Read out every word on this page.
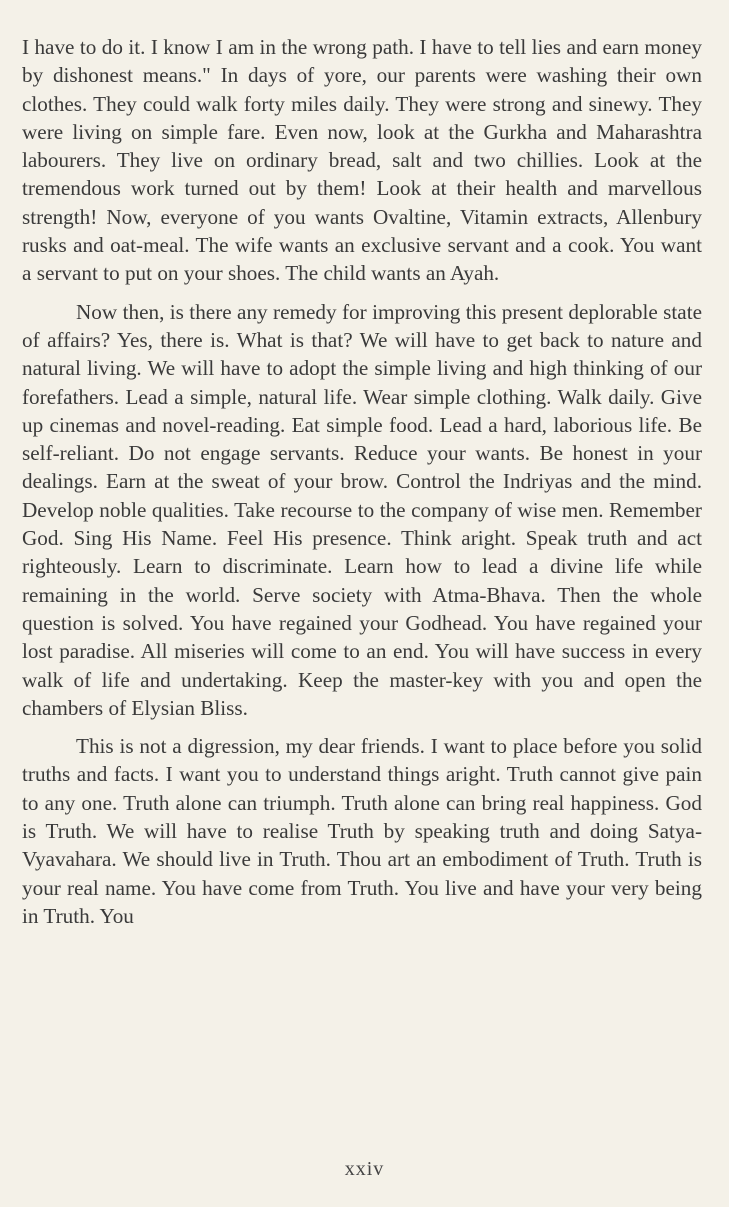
I have to do it. I know I am in the wrong path. I have to tell lies and earn money by dishonest means." In days of yore, our parents were washing their own clothes. They could walk forty miles daily. They were strong and sinewy. They were living on simple fare. Even now, look at the Gurkha and Maharashtra labourers. They live on ordinary bread, salt and two chillies. Look at the tremendous work turned out by them! Look at their health and marvellous strength! Now, everyone of you wants Ovaltine, Vitamin extracts, Allenbury rusks and oat-meal. The wife wants an exclusive servant and a cook. You want a servant to put on your shoes. The child wants an Ayah.

Now then, is there any remedy for improving this present deplorable state of affairs? Yes, there is. What is that? We will have to get back to nature and natural living. We will have to adopt the simple living and high thinking of our forefathers. Lead a simple, natural life. Wear simple clothing. Walk daily. Give up cinemas and novel-reading. Eat simple food. Lead a hard, laborious life. Be self-reliant. Do not engage servants. Reduce your wants. Be honest in your dealings. Earn at the sweat of your brow. Control the Indriyas and the mind. Develop noble qualities. Take recourse to the company of wise men. Remember God. Sing His Name. Feel His presence. Think aright. Speak truth and act righteously. Learn to discriminate. Learn how to lead a divine life while remaining in the world. Serve society with Atma-Bhava. Then the whole question is solved. You have regained your Godhead. You have regained your lost paradise. All miseries will come to an end. You will have success in every walk of life and undertaking. Keep the master-key with you and open the chambers of Elysian Bliss.

This is not a digression, my dear friends. I want to place before you solid truths and facts. I want you to understand things aright. Truth cannot give pain to any one. Truth alone can triumph. Truth alone can bring real happiness. God is Truth. We will have to realise Truth by speaking truth and doing Satya-Vyavahara. We should live in Truth. Thou art an embodiment of Truth. Truth is your real name. You have come from Truth. You live and have your very being in Truth. You

xxiv
